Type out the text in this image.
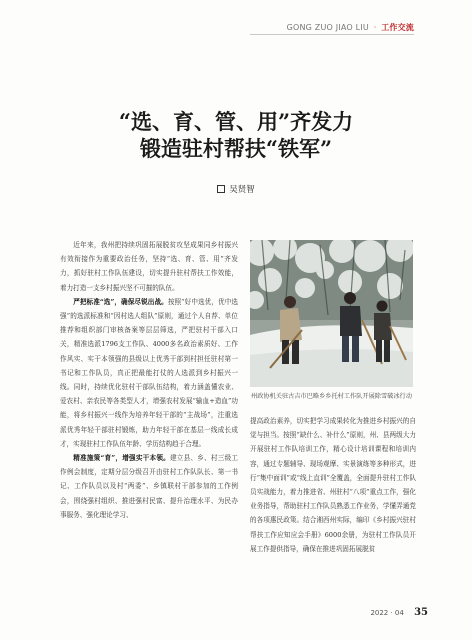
GONG ZUO JIAO LIU · 工作交流
“选、育、管、用”齐发力
锻造驻村帮扶“铁军”
吴贤智

近年来，我州把持续巩固拓展脱贫攻坚成果同乡村振兴有效衔接作为重要政治任务，坚持“选、育、管、用”齐发力，抓好驻村工作队伍建设，切实提升驻村帮扶工作效能，着力打造一支乡村振兴坚不可摧的队伍。

严把标准“选”，确保尽锐出战。按照“好中选优，优中选强”的选派标准和“因村选人组队”原则，通过个人自荐、单位推荐和组织部门审核备案等层层筛选，严把驻村干部入口关，精准选派1796支工作队、4000多名政治素质好、工作作风实、实干本领强的县级以上优秀干部到村担任驻村第一书记和工作队员，真正把最能打仗的人选派到乡村振兴一线。同时，持续优化驻村干部队伍结构，着力涵盖懂农业、爱农村、亲农民等各类型人才，增强农村发展“输血+造血”功能，将乡村振兴一线作为培养年轻干部的“主战场”，注重选派优秀年轻干部驻村锻炼，助力年轻干部在基层一线成长成才，实现驻村工作队伍年龄、学历结构趋于合理。

精准施策“育”，增强实干本领。建立县、乡、村三级工作例会制度，定期分层分级召开由驻村工作队队长、第一书记、工作队员以及村“两委”、乡镇联村干部参加的工作例会，围绕强村组织、推进强村民富、提升治理水平、为民办事服务、强化理论学习、

州政协机关驻古吉市巴略乡乡托村工作队开展除雪破冰行动

提高政治素养，切实把学习成果转化为推进乡村振兴的自觉与担当。按照“缺什么、补什么”原则，州、县两级大力开展驻村工作队培训工作，精心设计培训课程和培训内容，通过专题辅导、现场观摩、实景演练等多种形式，进行“集中面训”或“线上直训”全覆盖，全面提升驻村工作队员实战能力，着力推进省、州驻村“八项”重点工作，强化业务指导，帮助驻村工作队员熟悉工作业务，学懂弄通党的各项惠民政策。结合湘西州实际，编印《乡村振兴驻村帮扶工作应知应会手册》6000余册，为驻村工作队员开展工作提供指导，确保在推进巩固拓展脱贫

2022 · 04 35
